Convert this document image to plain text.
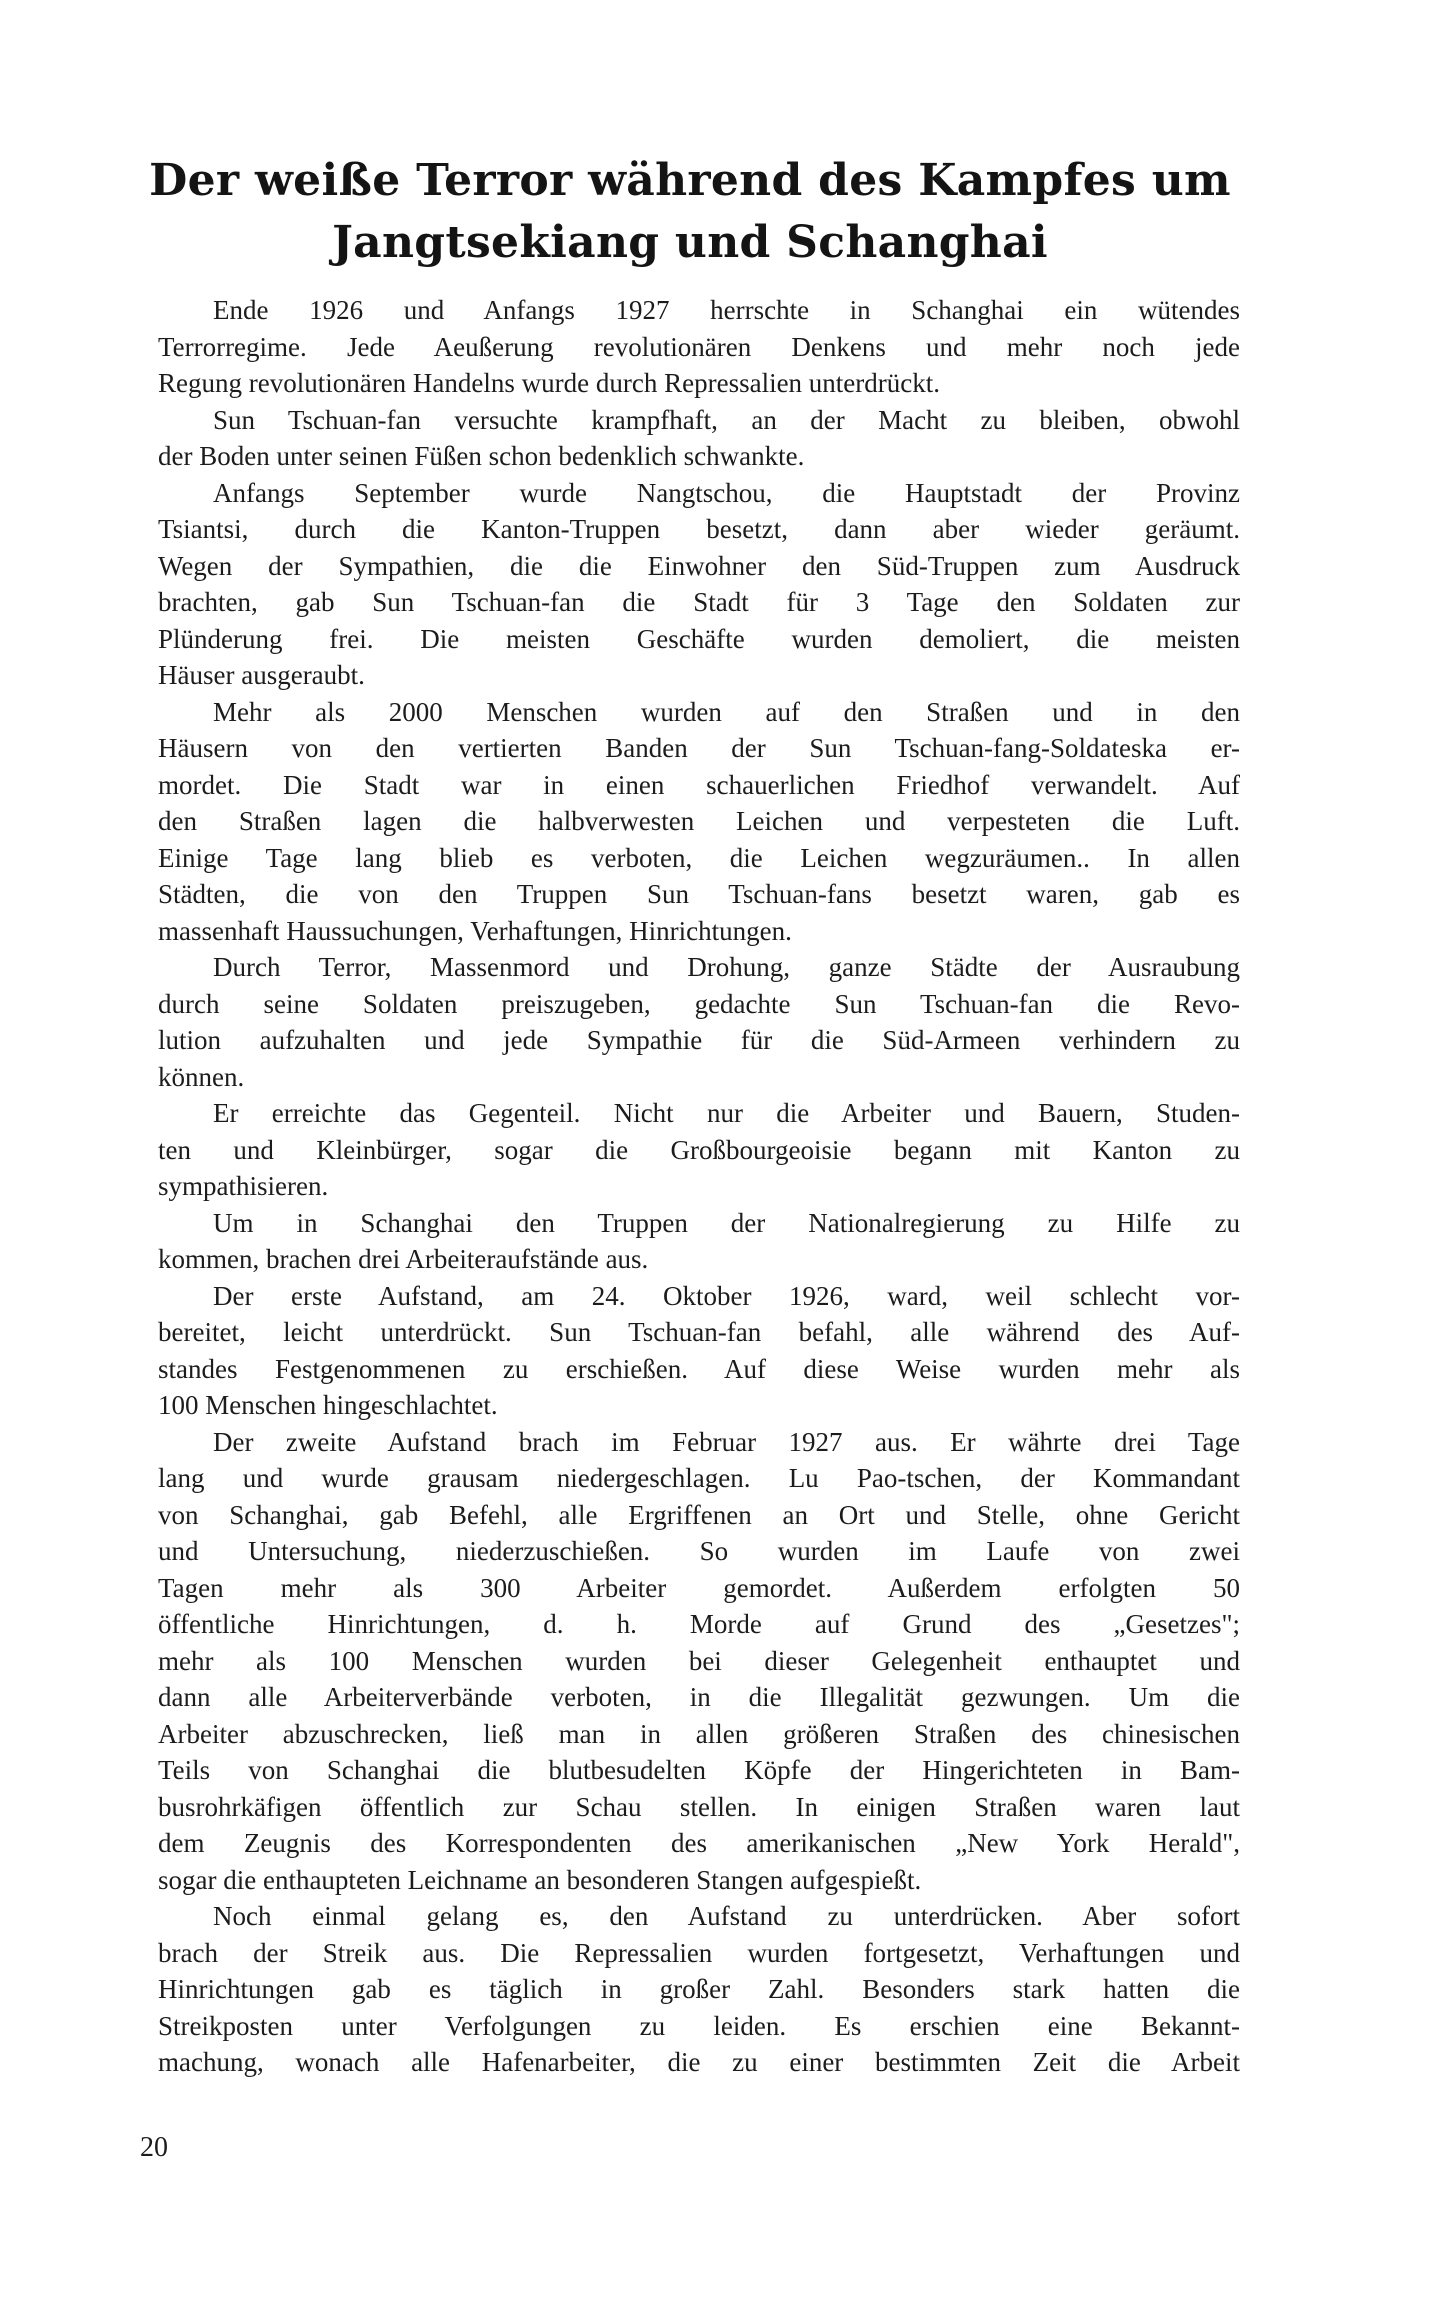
Der weiße Terror während des Kampfes um
Jangtsekiang und Schanghai
Ende 1926 und Anfangs 1927 herrschte in Schanghai ein wütendes
Terrorregime. Jede Aeußerung revolutionären Denkens und mehr noch jede
Regung revolutionären Handelns wurde durch Repressalien unterdrückt.
Sun Tschuan-fan versuchte krampfhaft, an der Macht zu bleiben, obwohl
der Boden unter seinen Füßen schon bedenklich schwankte.
Anfangs September wurde Nangtschou, die Hauptstadt der Provinz
Tsiantsi, durch die Kanton-Truppen besetzt, dann aber wieder geräumt.
Wegen der Sympathien, die die Einwohner den Süd-Truppen zum Ausdruck
brachten, gab Sun Tschuan-fan die Stadt für 3 Tage den Soldaten zur
Plünderung frei. Die meisten Geschäfte wurden demoliert, die meisten
Häuser ausgeraubt.
Mehr als 2000 Menschen wurden auf den Straßen und in den
Häusern von den vertierten Banden der Sun Tschuan-fang-Soldateska er-
mordet. Die Stadt war in einen schauerlichen Friedhof verwandelt. Auf
den Straßen lagen die halbverwesten Leichen und verpesteten die Luft.
Einige Tage lang blieb es verboten, die Leichen wegzuräumen.. In allen
Städten, die von den Truppen Sun Tschuan-fans besetzt waren, gab es
massenhaft Haussuchungen, Verhaftungen, Hinrichtungen.
Durch Terror, Massenmord und Drohung, ganze Städte der Ausraubung
durch seine Soldaten preiszugeben, gedachte Sun Tschuan-fan die Revo-
lution aufzuhalten und jede Sympathie für die Süd-Armeen verhindern zu
können.
Er erreichte das Gegenteil. Nicht nur die Arbeiter und Bauern, Studen-
ten und Kleinbürger, sogar die Großbourgeoisie begann mit Kanton zu
sympathisieren.
Um in Schanghai den Truppen der Nationalregierung zu Hilfe zu
kommen, brachen drei Arbeiteraufstände aus.
Der erste Aufstand, am 24. Oktober 1926, ward, weil schlecht vor-
bereitet, leicht unterdrückt. Sun Tschuan-fan befahl, alle während des Auf-
standes Festgenommenen zu erschießen. Auf diese Weise wurden mehr als
100 Menschen hingeschlachtet.
Der zweite Aufstand brach im Februar 1927 aus. Er währte drei Tage
lang und wurde grausam niedergeschlagen. Lu Pao-tschen, der Kommandant
von Schanghai, gab Befehl, alle Ergriffenen an Ort und Stelle, ohne Gericht
und Untersuchung, niederzuschießen. So wurden im Laufe von zwei
Tagen mehr als 300 Arbeiter gemordet. Außerdem erfolgten 50
öffentliche Hinrichtungen, d. h. Morde auf Grund des „Gesetzes";
mehr als 100 Menschen wurden bei dieser Gelegenheit enthauptet und
dann alle Arbeiterverbände verboten, in die Illegalität gezwungen. Um die
Arbeiter abzuschrecken, ließ man in allen größeren Straßen des chinesischen
Teils von Schanghai die blutbesudelten Köpfe der Hingerichteten in Bam-
busrohrkäfigen öffentlich zur Schau stellen. In einigen Straßen waren laut
dem Zeugnis des Korrespondenten des amerikanischen „New York Herald",
sogar die enthaupteten Leichname an besonderen Stangen aufgespießt.
Noch einmal gelang es, den Aufstand zu unterdrücken. Aber sofort
brach der Streik aus. Die Repressalien wurden fortgesetzt, Verhaftungen und
Hinrichtungen gab es täglich in großer Zahl. Besonders stark hatten die
Streikposten unter Verfolgungen zu leiden. Es erschien eine Bekannt-
machung, wonach alle Hafenarbeiter, die zu einer bestimmten Zeit die Arbeit
20
